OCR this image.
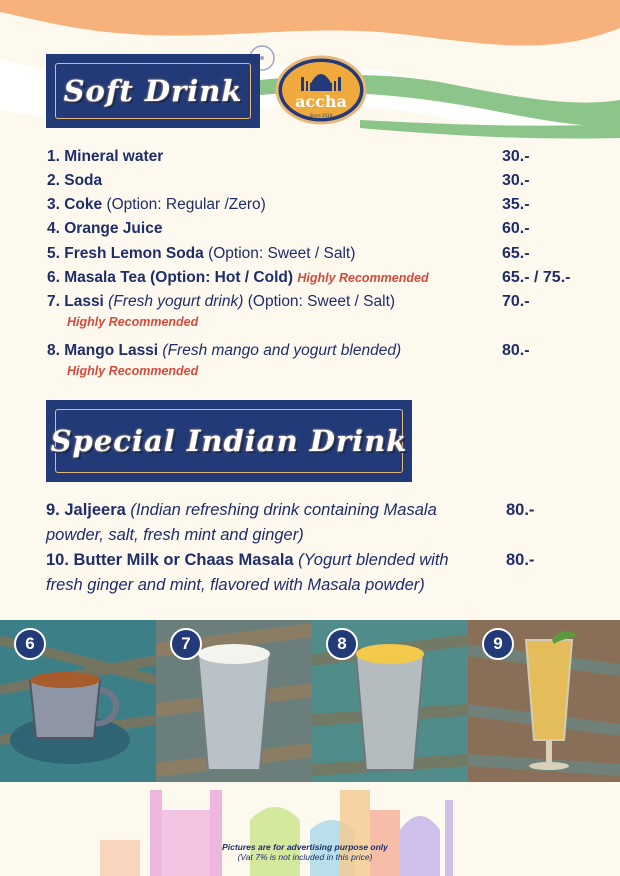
Soft Drink	accha
Since 2019
1. Mineral water	30.-
2. Soda	30.-
3. Coke (Option: Regular /Zero)	35.-
4. Orange Juice	60.-
5. Fresh Lemon Soda (Option: Sweet / Salt)	65.-
6. Masala Tea (Option: Hot / Cold) Highly Recommended	65.- / 75.-
7. Lassi (Fresh yogurt drink) (Option: Sweet / Salt)	70.-
Highly Recommended
8. Mango Lassi (Fresh mango and yogurt blended)	80.-
Highly Recommended
Special Indian Drink
9. Jaljeera (Indian refreshing drink containing Masala powder, salt, fresh mint and ginger)
80.-
10. Butter Milk or Chaas Masala (Yogurt blended with fresh ginger and mint, flavored with Masala powder)
80.-
6	7	8	9
Pictures are for advertising purpose only
(Vat 7% is not included in this price)
